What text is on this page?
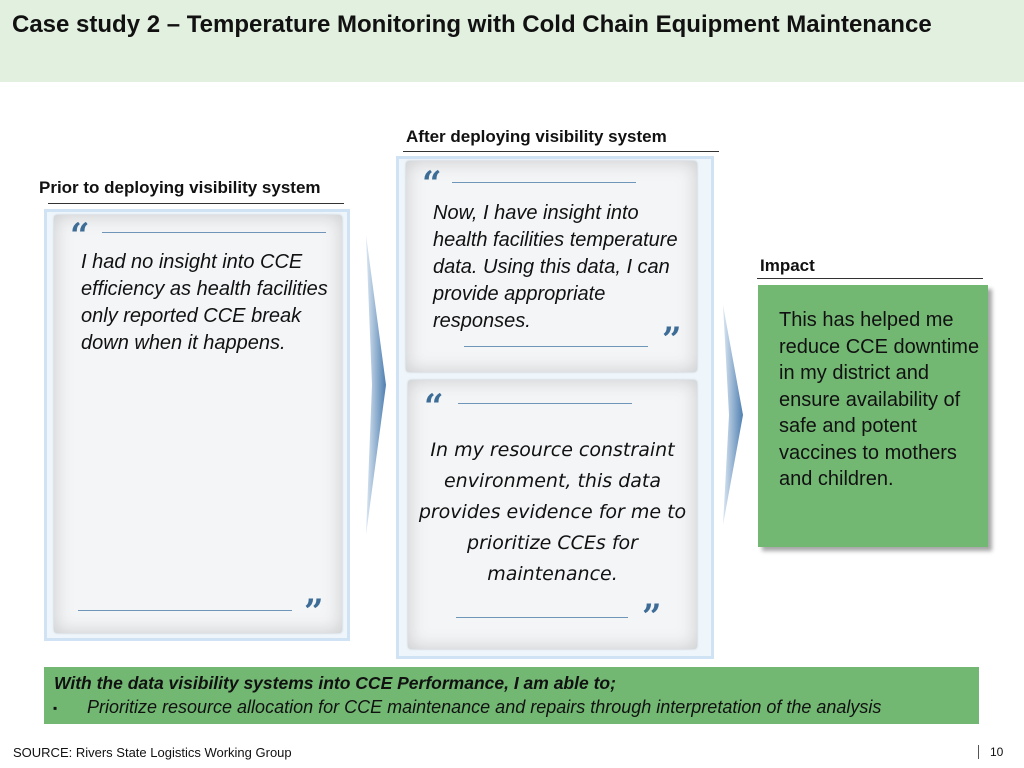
Case study 2 – Temperature Monitoring with Cold Chain Equipment Maintenance
Prior to deploying visibility system
“
I had no insight into CCE efficiency as health facilities only reported CCE break down when it happens.
”
After deploying visibility system
“
Now, I have insight into health facilities temperature data. Using this data, I can provide appropriate responses.	”
“
In my resource constraint environment, this data provides evidence for me to prioritize CCEs for maintenance.
”
Impact

This has helped me reduce CCE downtime in my district and ensure availability of safe and potent vaccines to mothers and children.

With the data visibility systems into CCE Performance, I am able to;
▪ Prioritize resource allocation for CCE maintenance and repairs through interpretation of the analysis
SOURCE: Rivers State Logistics Working Group	10
